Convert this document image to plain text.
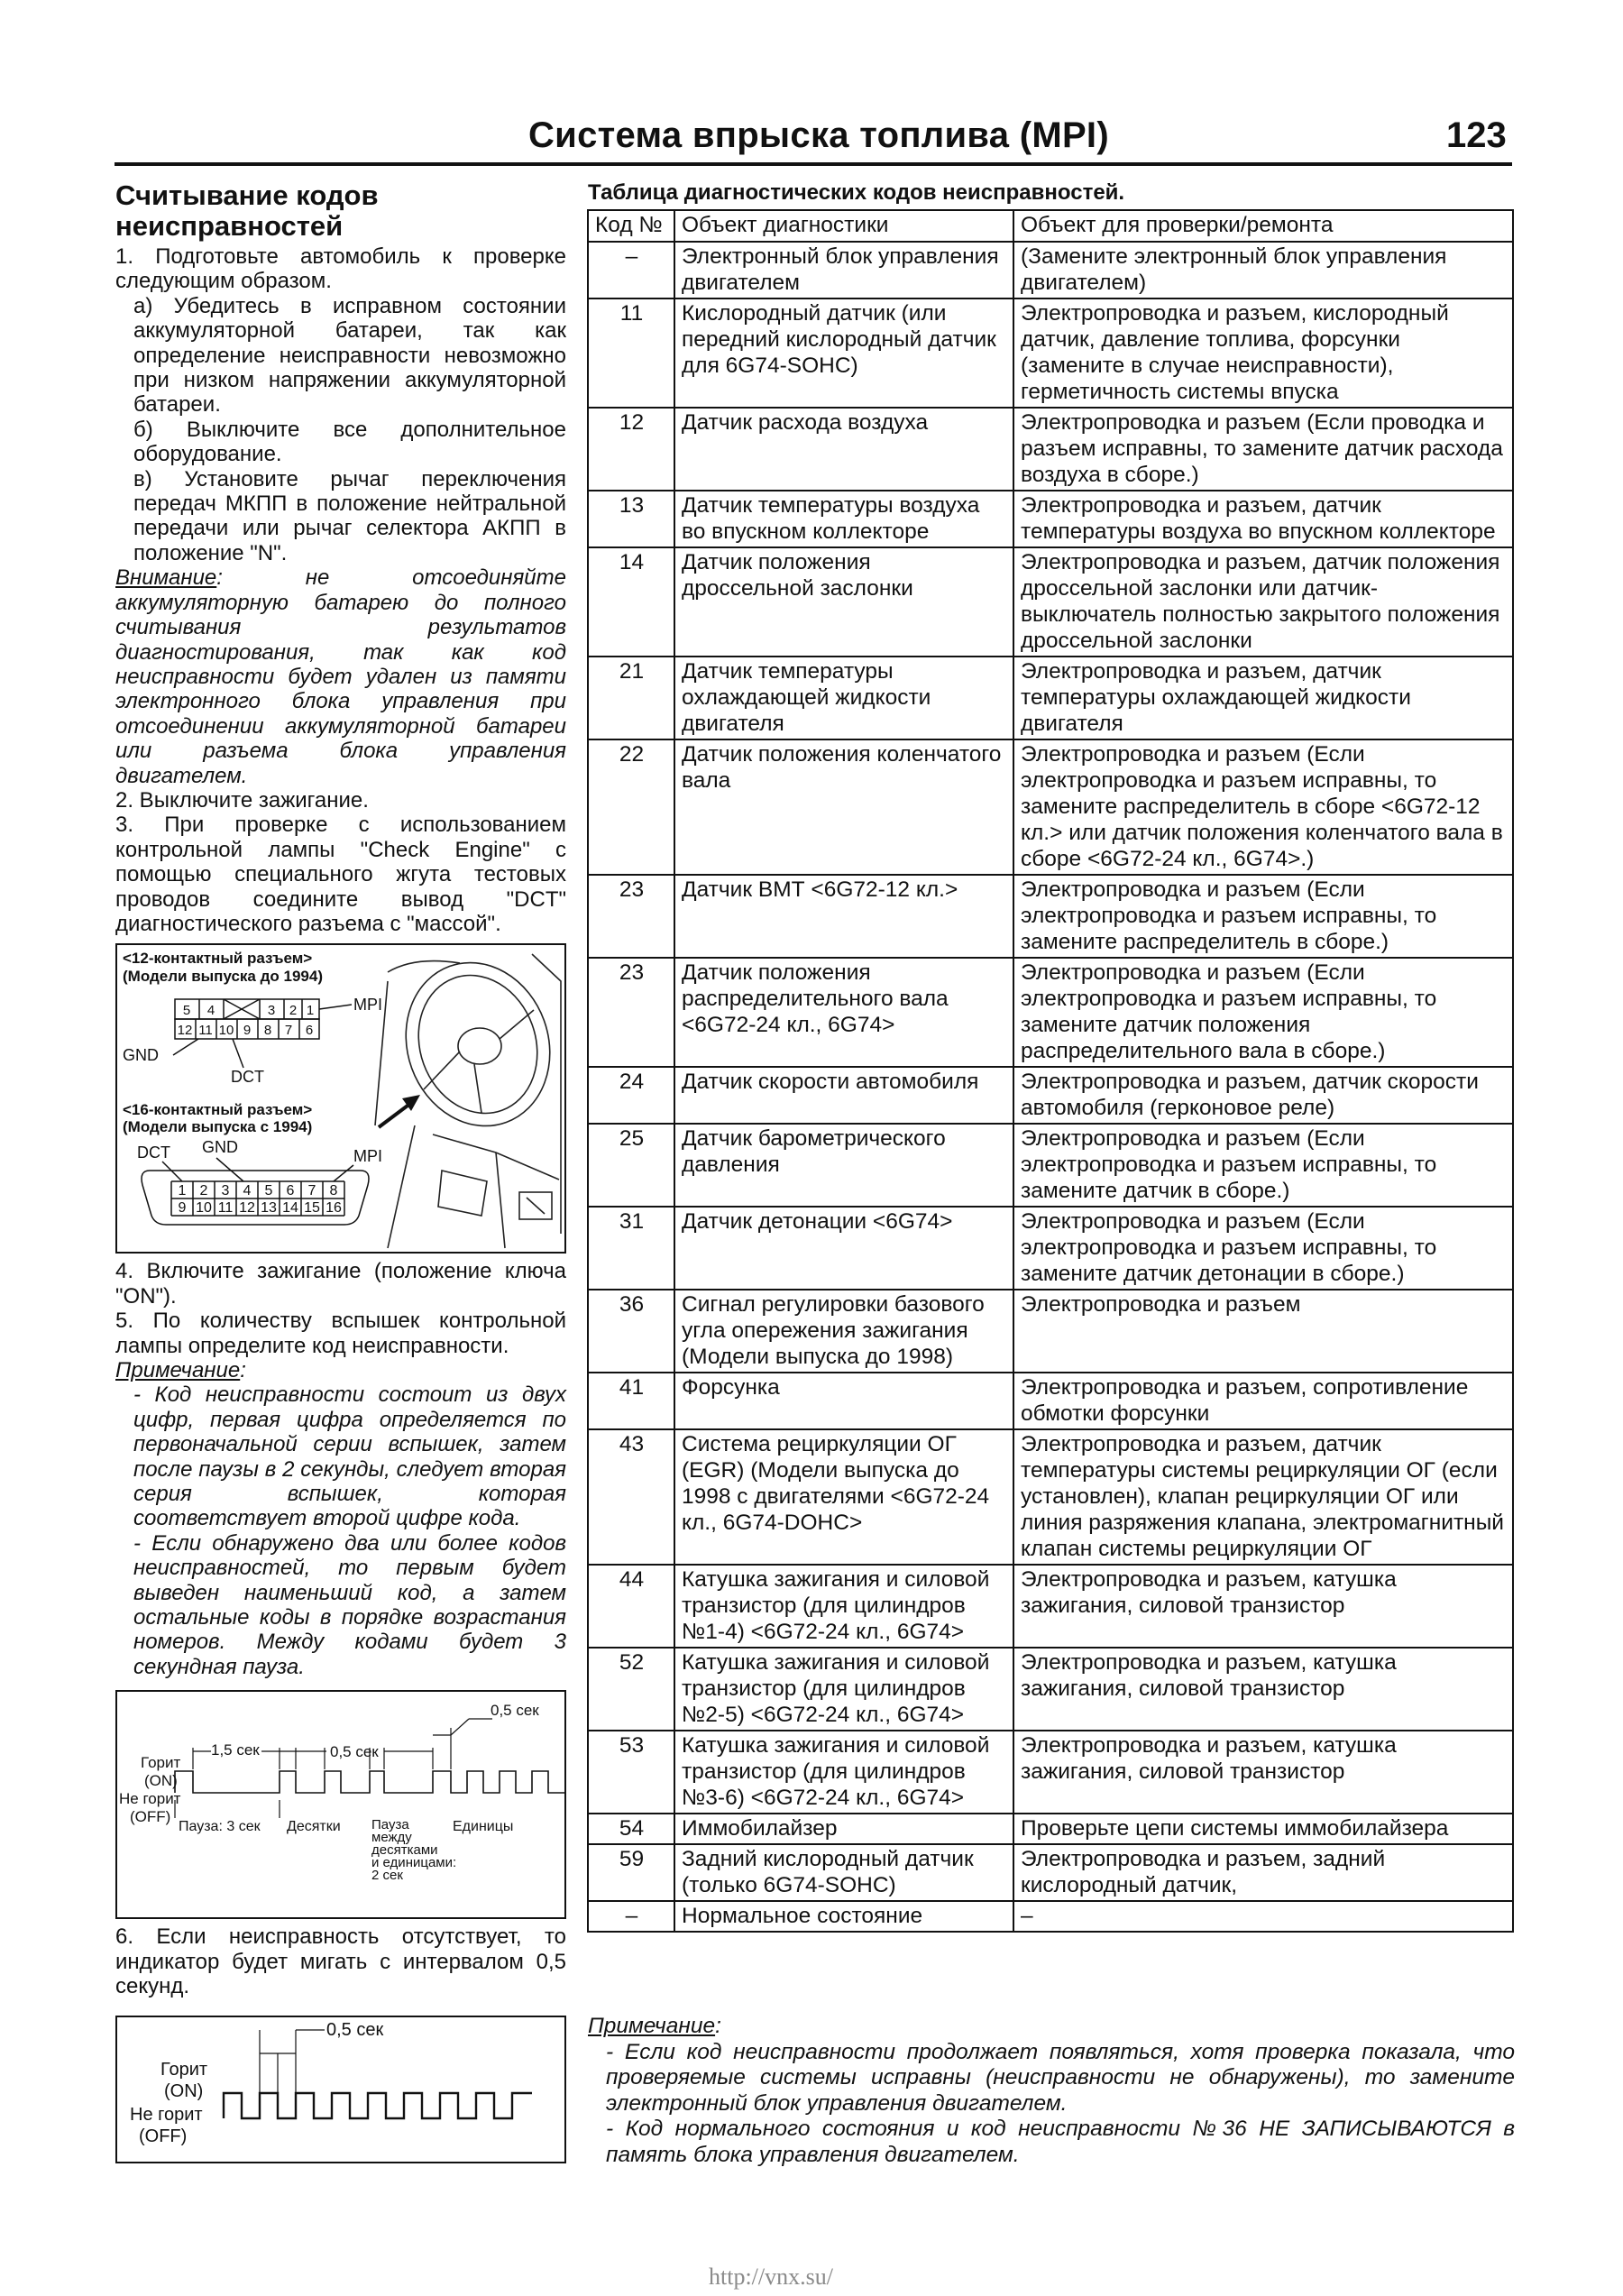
Система впрыска топлива (MPI)	123
Считывание кодов неисправностей
1. Подготовьте автомобиль к проверке следующим образом.
а) Убедитесь в исправном состоянии аккумуляторной батареи, так как определение неисправности невозможно при низком напряжении аккумуляторной батареи.
б) Выключите все дополнительное оборудование.
в) Установите рычаг переключения передач МКПП в положение нейтральной передачи или рычаг селектора АКПП в положение "N".
Внимание: не отсоединяйте аккумуляторную батарею до полного считывания результатов диагностирования, так как код неисправности будет удален из памяти электронного блока управления при отсоединении аккумуляторной батареи или разъема блока управления двигателем.
2. Выключите зажигание.
3. При проверке с использованием контрольной лампы "Check Engine" с помощью специального жгута тестовых проводов соедините вывод "DCT" диагностического разъема с "массой".
<12-контактный разъем>
(Модели выпуска до 1994)
5 4	3 2 1
12 11 10 9 8 7 6
MPI
GND
DCT
<16-контактный разъем>
(Модели выпуска с 1994)
DCT GND	MPI
1 2 3 4 5 6 7 8
9 10 11 12 13 14 15 16
4. Включите зажигание (положение ключа "ON").
5. По количеству вспышек контрольной лампы определите код неисправности.
Примечание:
- Код неисправности состоит из двух цифр, первая цифра определяется по первоначальной серии вспышек, затем после паузы в 2 секунды, следует вторая серия вспышек, которая соответствует второй цифре кода.
- Если обнаружено два или более кодов неисправностей, то первым будет выведен наименьший код, а затем остальные коды в порядке возрастания номеров. Между кодами будет 3 секундная пауза.
0,5 сек
1,5 сек	0,5 сек
Горит
(ON)
Не горит
(OFF)
Пауза: 3 сек Десятки Пауза
между
десятками
и единицами:
2 сек
Единицы
6. Если неисправность отсутствует, то индикатор будет мигать с интервалом 0,5 секунд.
0,5 сек
Горит
(ON)
Не горит
(OFF)
Таблица диагностических кодов неисправностей.
Код №	Объект диагностики	Объект для проверки/ремонта
–	Электронный блок управления двигателем	(Замените электронный блок управления двигателем)
11	Кислородный датчик (или передний кислородный датчик для 6G74-SOHC)	Электропроводка и разъем, кислородный датчик, давление топлива, форсунки (замените в случае неисправности), герметичность системы впуска
12	Датчик расхода воздуха	Электропроводка и разъем (Если проводка и разъем исправны, то замените датчик расхода воздуха в сборе.)
13	Датчик температуры воздуха во впускном коллекторе	Электропроводка и разъем, датчик температуры воздуха во впускном коллекторе
14	Датчик положения дроссельной заслонки	Электропроводка и разъем, датчик положения дроссельной заслонки или датчик-выключатель полностью закрытого положения дроссельной заслонки
21	Датчик температуры охлаждающей жидкости двигателя	Электропроводка и разъем, датчик температуры охлаждающей жидкости двигателя
22	Датчик положения коленчатого вала	Электропроводка и разъем (Если электропроводка и разъем исправны, то замените распределитель в сборе <6G72-12 кл.> или датчик положения коленчатого вала в сборе <6G72-24 кл., 6G74>.)
23	Датчик ВМТ <6G72-12 кл.>	Электропроводка и разъем (Если электропроводка и разъем исправны, то замените распределитель в сборе.)
23	Датчик положения распределительного вала <6G72-24 кл., 6G74>	Электропроводка и разъем (Если электропроводка и разъем исправны, то замените датчик положения распределительного вала в сборе.)
24	Датчик скорости автомобиля	Электропроводка и разъем, датчик скорости автомобиля (герконовое реле)
25	Датчик барометрического давления	Электропроводка и разъем (Если электропроводка и разъем исправны, то замените датчик в сборе.)
31	Датчик детонации <6G74>	Электропроводка и разъем (Если электропроводка и разъем исправны, то замените датчик детонации в сборе.)
36	Сигнал регулировки базового угла опережения зажигания (Модели выпуска до 1998)	Электропроводка и разъем
41	Форсунка	Электропроводка и разъем, сопротивление обмотки форсунки
43	Система рециркуляции ОГ (EGR) (Модели выпуска до 1998 с двигателями <6G72-24 кл., 6G74-DOHC>	Электропроводка и разъем, датчик температуры системы рециркуляции ОГ (если установлен), клапан рециркуляции ОГ или линия разряжения клапана, электромагнитный клапан системы рециркуляции ОГ
44	Катушка зажигания и силовой транзистор (для цилиндров №1-4) <6G72-24 кл., 6G74>	Электропроводка и разъем, катушка зажигания, силовой транзистор
52	Катушка зажигания и силовой транзистор (для цилиндров №2-5) <6G72-24 кл., 6G74>	Электропроводка и разъем, катушка зажигания, силовой транзистор
53	Катушка зажигания и силовой транзистор (для цилиндров №3-6) <6G72-24 кл., 6G74>	Электропроводка и разъем, катушка зажигания, силовой транзистор
54	Иммобилайзер	Проверьте цепи системы иммобилайзера
59	Задний кислородный датчик (только 6G74-SOHC)	Электропроводка и разъем, задний кислородный датчик,
–	Нормальное состояние	–
Примечание:
- Если код неисправности продолжает появляться, хотя проверка показала, что проверяемые системы исправны (неисправности не обнаружены), то замените электронный блок управления двигателем.
- Код нормального состояния и код неисправности №36 НЕ ЗАПИСЫВАЮТСЯ в память блока управления двигателем.
http://vnx.su/
